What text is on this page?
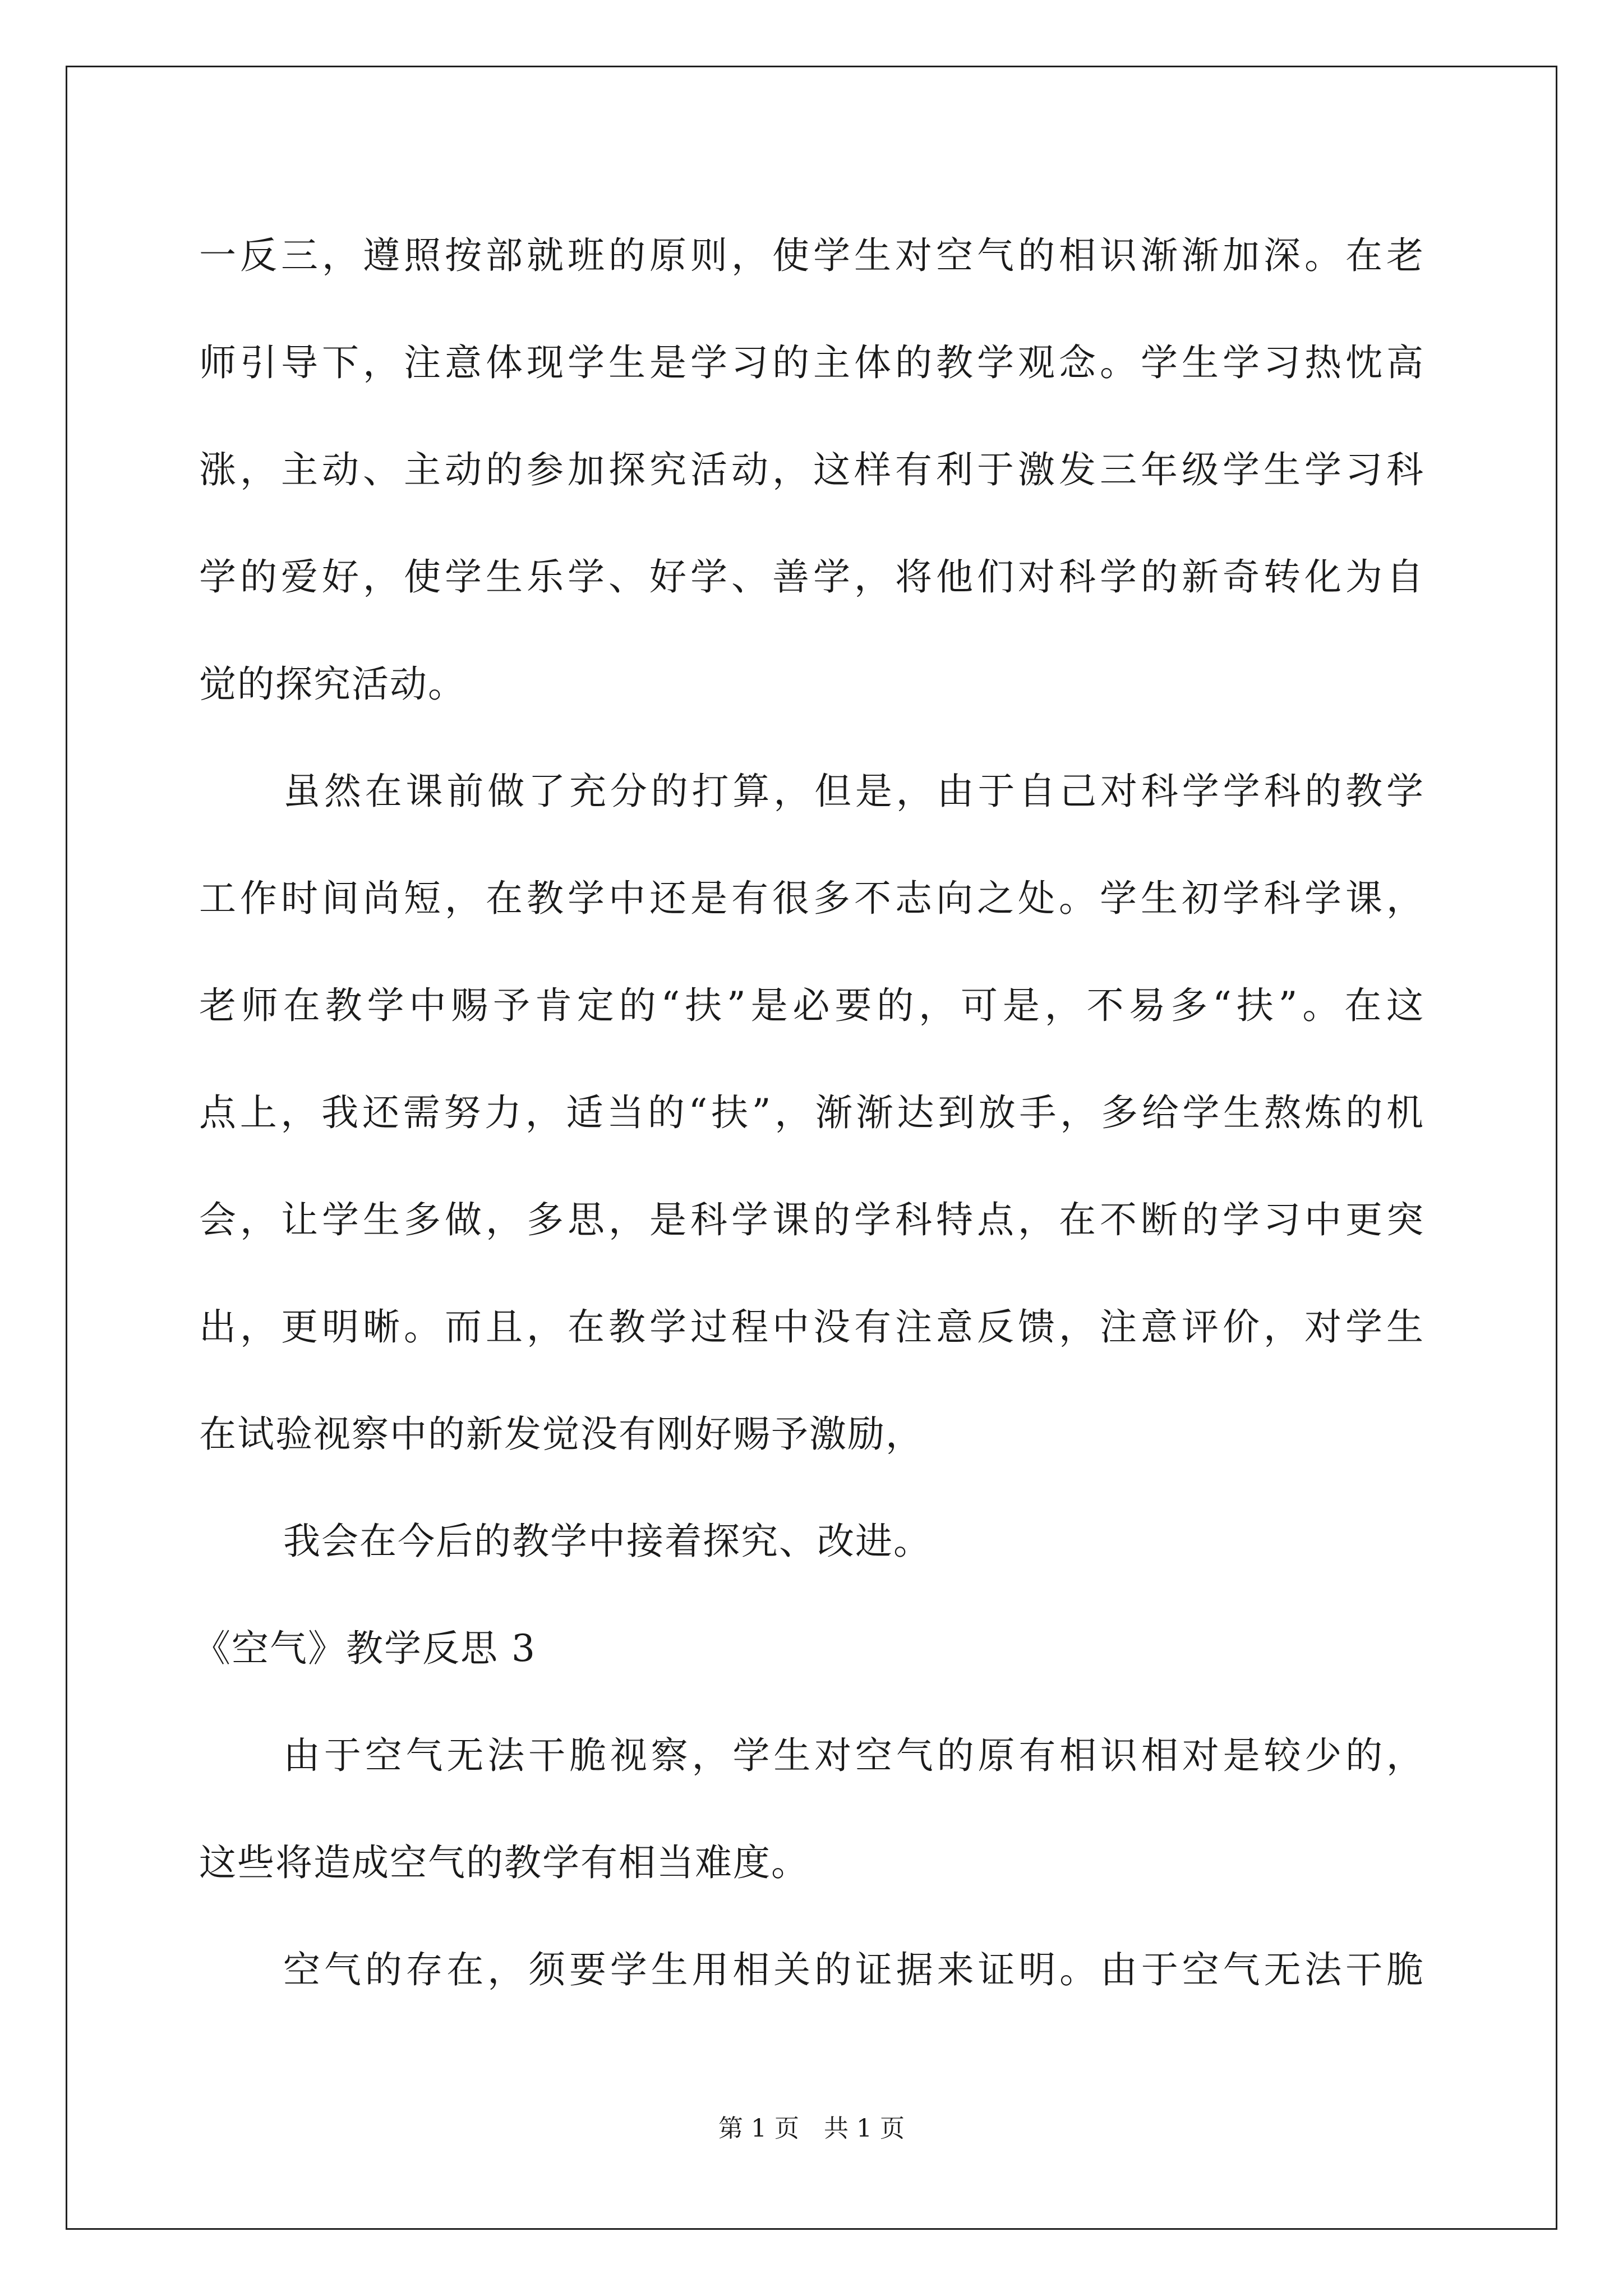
一反三，遵照按部就班的原则，使学生对空气的相识渐渐加深。在老
师引导下，注意体现学生是学习的主体的教学观念。学生学习热忱高
涨，主动、主动的参加探究活动，这样有利于激发三年级学生学习科
学的爱好，使学生乐学、好学、善学，将他们对科学的新奇转化为自
觉的探究活动。
虽然在课前做了充分的打算，但是，由于自己对科学学科的教学
工作时间尚短，在教学中还是有很多不志向之处。学生初学科学课，
老师在教学中赐予肯定的“扶”是必要的，可是，不易多“扶”。在这
点上，我还需努力，适当的“扶”，渐渐达到放手，多给学生熬炼的机
会，让学生多做，多思，是科学课的学科特点，在不断的学习中更突
出，更明晰。而且，在教学过程中没有注意反馈，注意评价，对学生
在试验视察中的新发觉没有刚好赐予激励，
我会在今后的教学中接着探究、改进。
《空气》教学反思 3
由于空气无法干脆视察，学生对空气的原有相识相对是较少的，
这些将造成空气的教学有相当难度。
空气的存在，须要学生用相关的证据来证明。由于空气无法干脆
第 1 页　共 1 页
